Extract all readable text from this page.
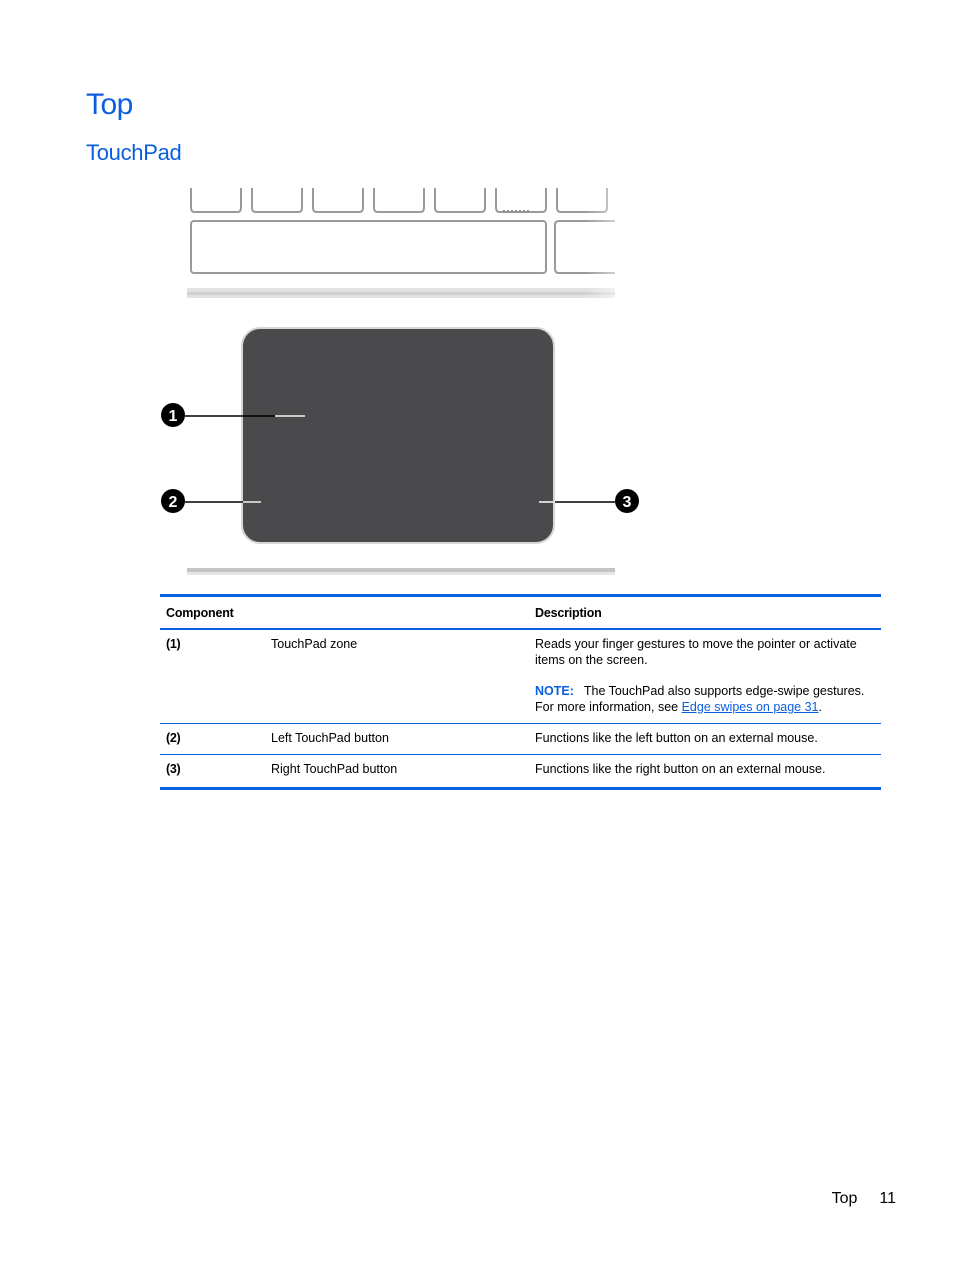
Top
TouchPad
1
2	3
Component		Description
(1)	TouchPad zone	Reads your finger gestures to move the pointer or activate items on the screen.
NOTE: The TouchPad also supports edge-swipe gestures. For more information, see Edge swipes on page 31.

(2)	Left TouchPad button	Functions like the left button on an external mouse.
(3)	Right TouchPad button	Functions like the right button on an external mouse.
Top 11
